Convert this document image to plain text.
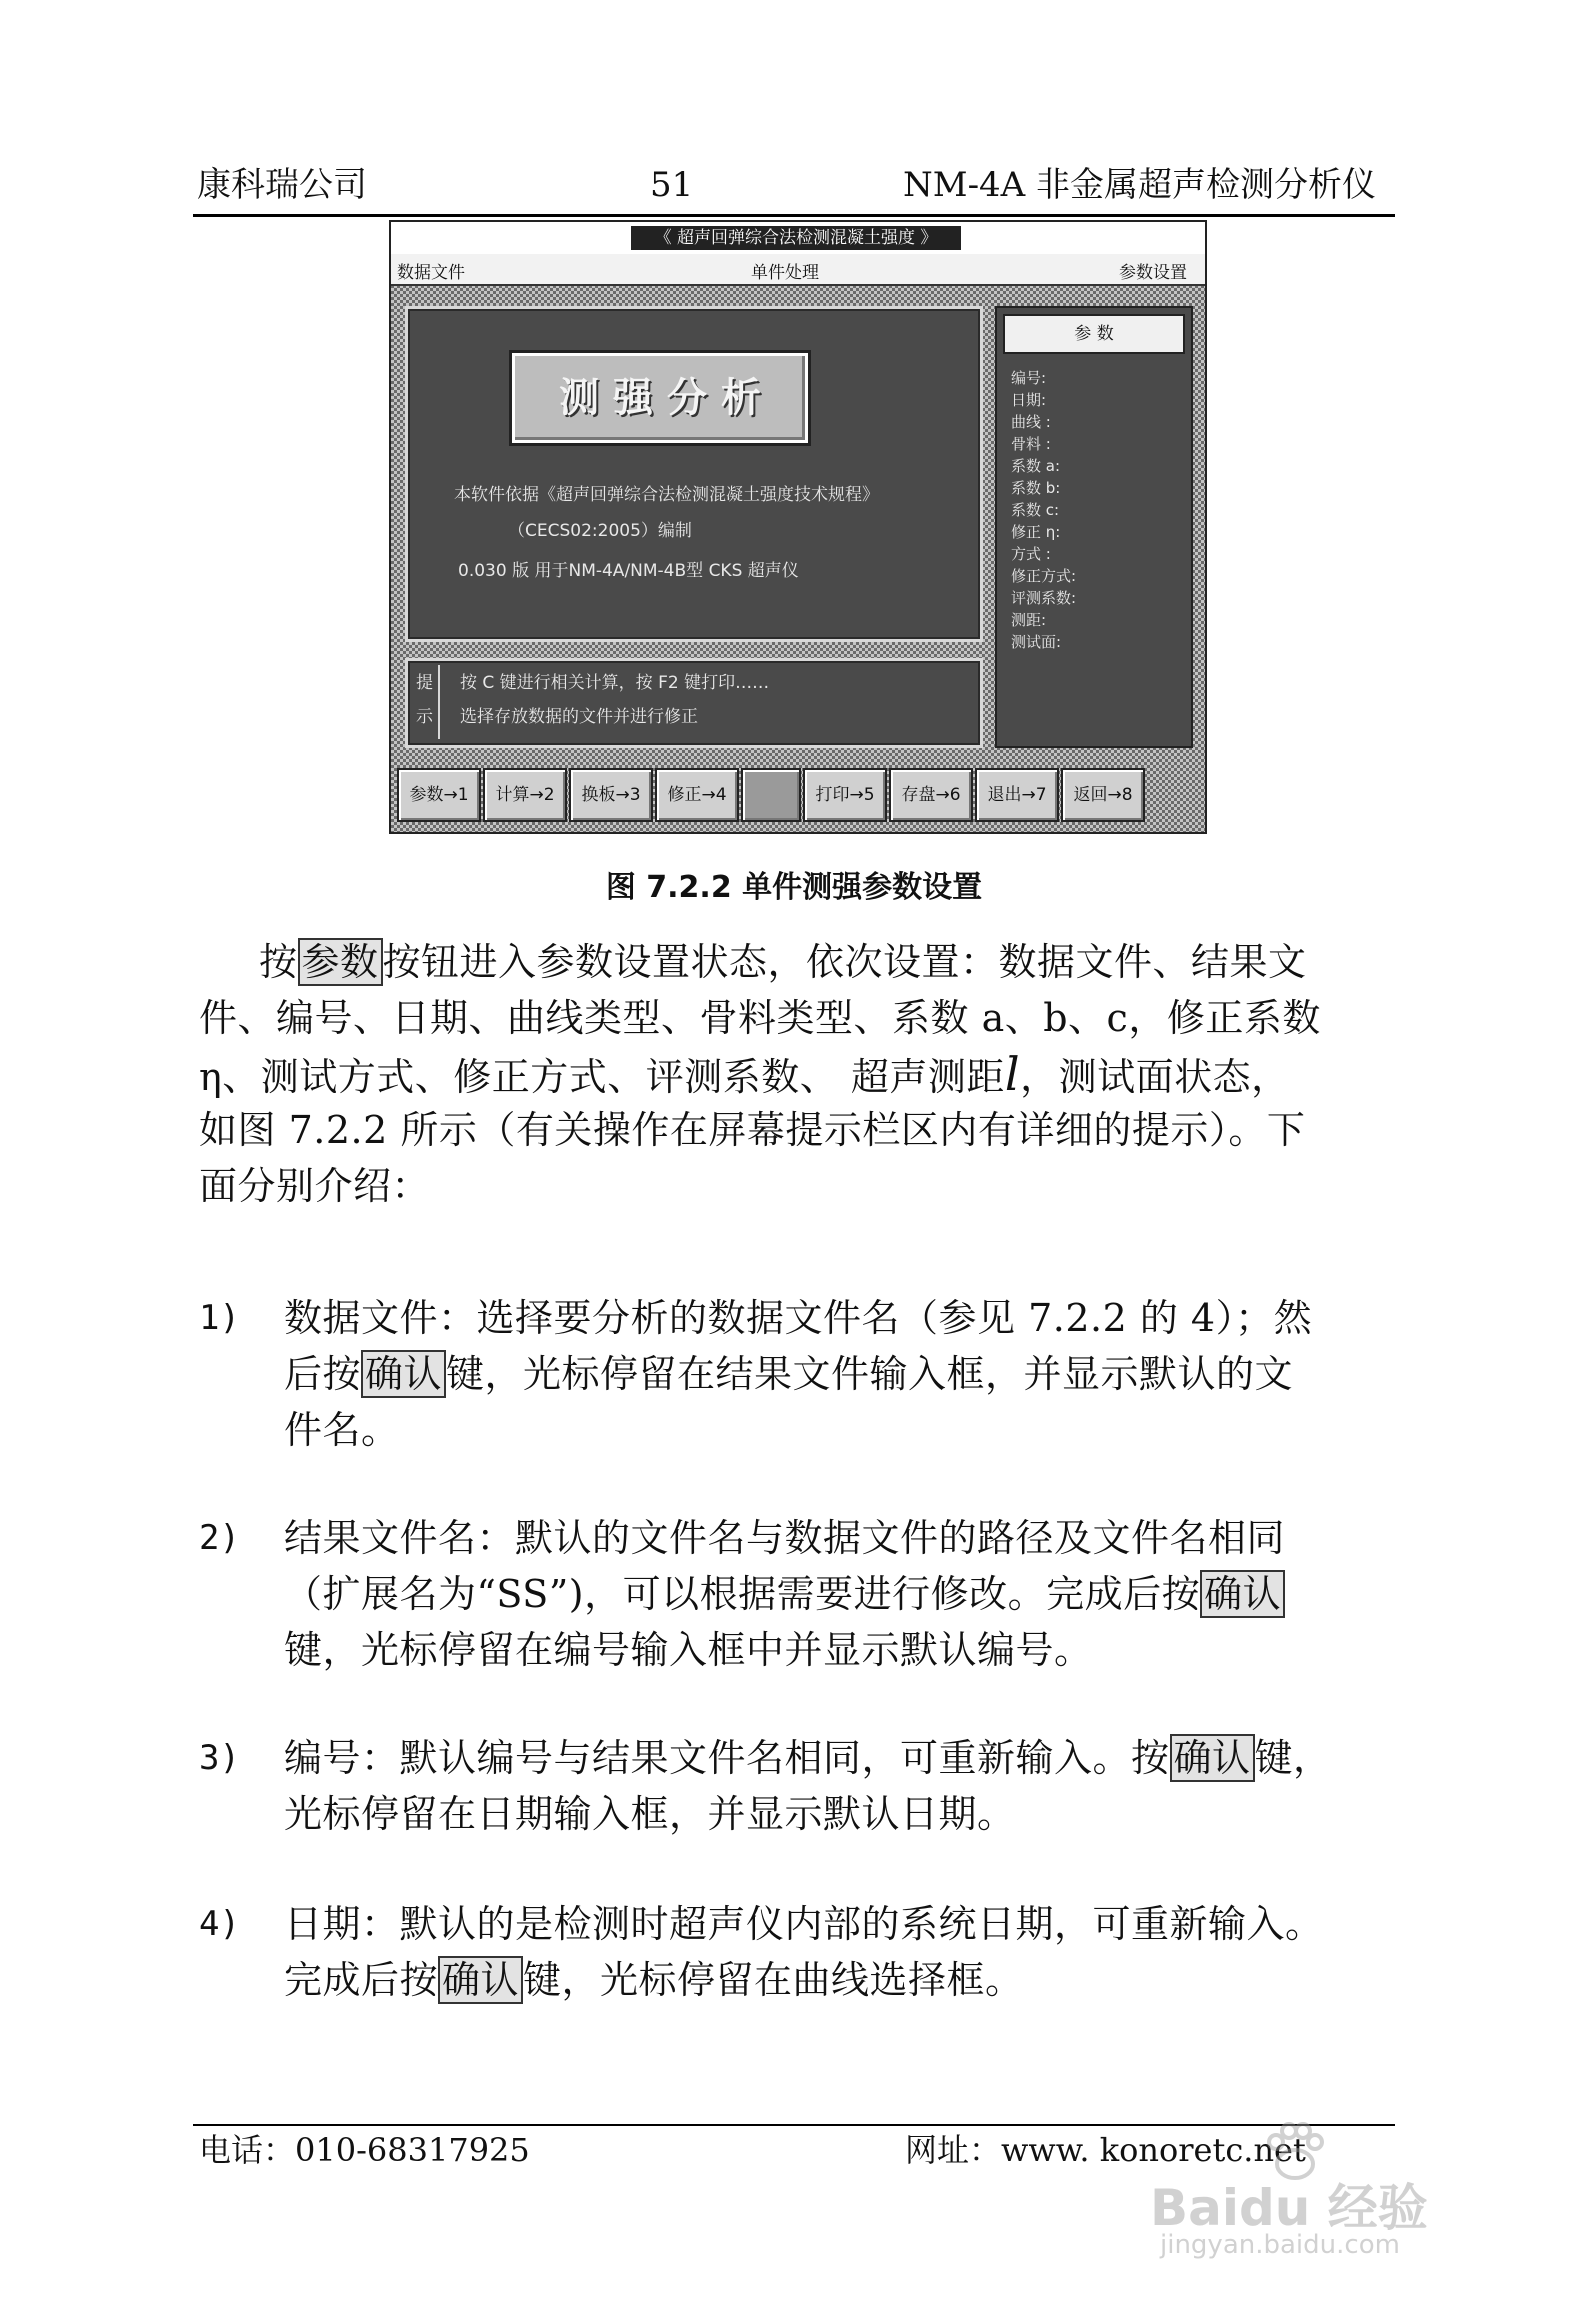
康科瑞公司	51	NM-4A 非金属超声检测分析仪
《 超声回弹综合法检测混凝土强度 》
数据文件	单件处理	参数设置
测 强 分 析
本软件依据《超声回弹综合法检测混凝土强度技术规程》
（CECS02:2005）编制
0.030 版 用于NM-4A/NM-4B型 CKS 超声仪
提
示
按 C 键进行相关计算，按 F2 键打印……
选择存放数据的文件并进行修正
参 数
编号:
日期:
曲线 :
骨料 :
系数 a:
系数 b:
系数 c:
修正 η:
方式 :
修正方式:
评测系数:
测距:
测试面:
参数→1	计算→2	换板→3	修正→4	打印→5	存盘→6	退出→7	返回→8
图 7.2.2 单件测强参数设置
按 参数 按钮进入参数设置状态，依次设置：数据文件、结果文
件、编号、日期、曲线类型、骨料类型、系数 a、b、c，修正系数
η、测试方式、修正方式、评测系数、 超声测距l，测试面状态，
如图 7.2.2 所示（有关操作在屏幕提示栏区内有详细的提示）。下
面分别介绍：
1) 数据文件：选择要分析的数据文件名（参见 7.2.2 的 4）；然
后按 确认 键，光标停留在结果文件输入框，并显示默认的文
件名。
2) 结果文件名：默认的文件名与数据文件的路径及文件名相同
（扩展名为“SS”)，可以根据需要进行修改。完成后按 确认
键，光标停留在编号输入框中并显示默认编号。
3) 编号：默认编号与结果文件名相同，可重新输入。按 确认 键，
光标停留在日期输入框，并显示默认日期。
4) 日期：默认的是检测时超声仪内部的系统日期，可重新输入。
完成后按 确认 键，光标停留在曲线选择框。
电话：010-68317925	网址：www. konoretc.net
Baidu 经验
jingyan.baidu.com
